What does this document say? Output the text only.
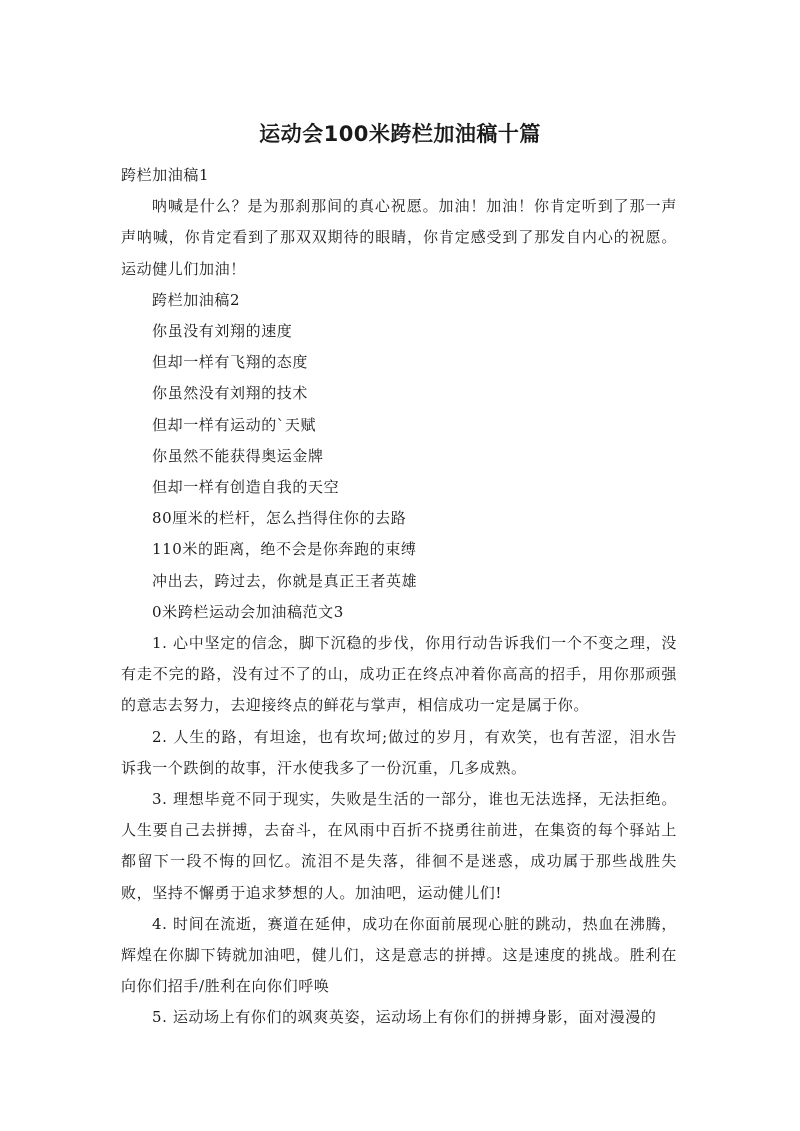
运动会100米跨栏加油稿十篇

跨栏加油稿1

呐喊是什么？是为那刹那间的真心祝愿。加油！加油！你肯定听到了那一声声呐喊，你肯定看到了那双双期待的眼睛，你肯定感受到了那发自内心的祝愿。运动健儿们加油！

跨栏加油稿2

你虽没有刘翔的速度

但却一样有飞翔的态度

你虽然没有刘翔的技术

但却一样有运动的`天赋

你虽然不能获得奥运金牌

但却一样有创造自我的天空

80厘米的栏杆，怎么挡得住你的去路

110米的距离，绝不会是你奔跑的束缚

冲出去，跨过去，你就是真正王者英雄

0米跨栏运动会加油稿范文3

1. 心中坚定的信念，脚下沉稳的步伐，你用行动告诉我们一个不变之理，没有走不完的路，没有过不了的山，成功正在终点冲着你高高的招手，用你那顽强的意志去努力，去迎接终点的鲜花与掌声，相信成功一定是属于你。

2. 人生的路，有坦途，也有坎坷;做过的岁月，有欢笑，也有苦涩，泪水告诉我一个跌倒的故事，汗水使我多了一份沉重，几多成熟。

3. 理想毕竟不同于现实，失败是生活的一部分，谁也无法选择，无法拒绝。人生要自己去拼搏，去奋斗，在风雨中百折不挠勇往前进，在集资的每个驿站上都留下一段不悔的回忆。流泪不是失落，徘徊不是迷惑，成功属于那些战胜失败，坚持不懈勇于追求梦想的人。加油吧，运动健儿们!

4. 时间在流逝，赛道在延伸，成功在你面前展现心脏的跳动，热血在沸腾，辉煌在你脚下铸就加油吧，健儿们，这是意志的拼搏。这是速度的挑战。胜利在向你们招手/胜利在向你们呼唤

5. 运动场上有你们的飒爽英姿，运动场上有你们的拼搏身影，面对漫漫的
